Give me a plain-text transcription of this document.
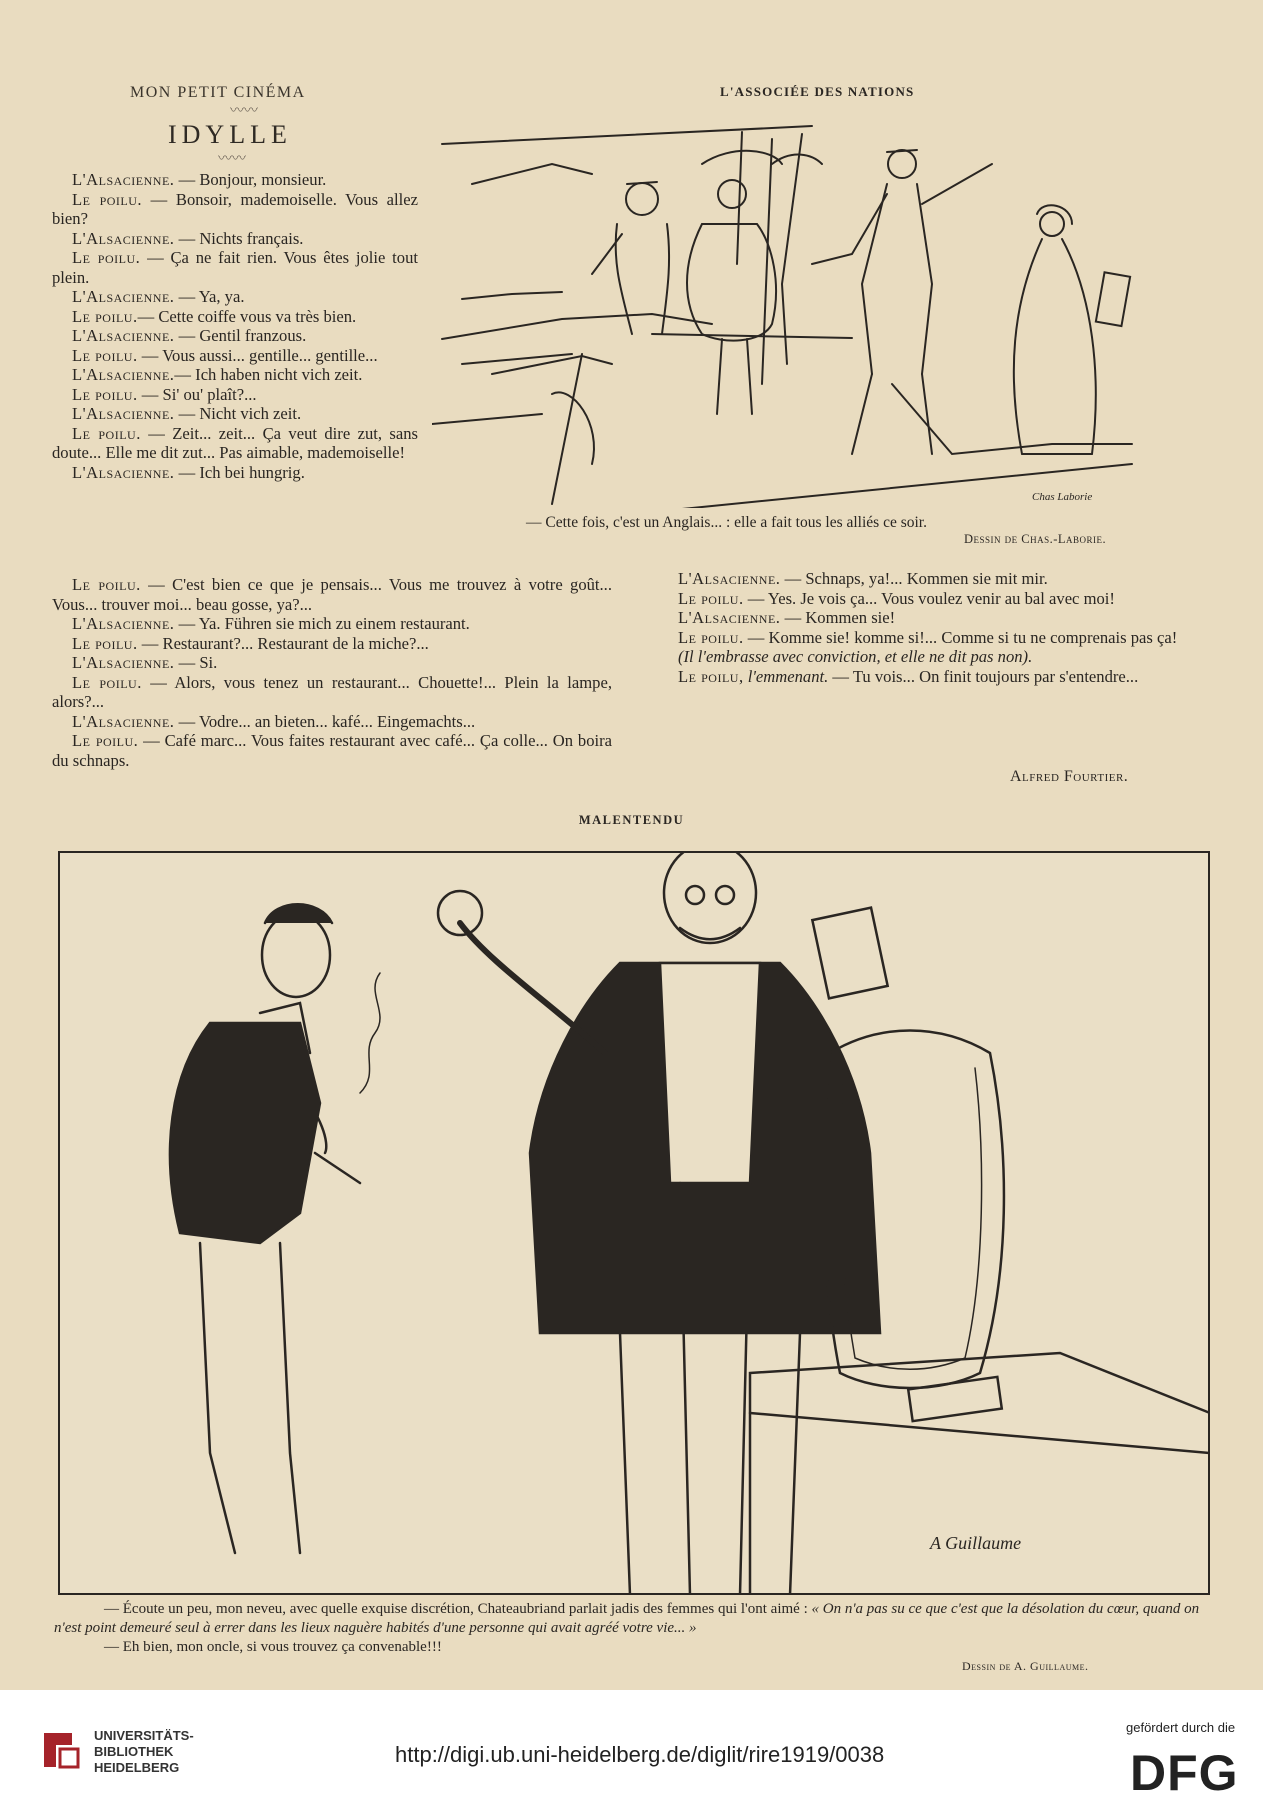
MON PETIT CINÉMA	L'ASSOCIÉE DES NATIONS
〰〰
IDYLLE
〰〰

L'Alsacienne. — Bonjour, monsieur.

Le poilu. — Bonsoir, mademoiselle. Vous allez bien?

L'Alsacienne. — Nichts français.

Le poilu. — Ça ne fait rien. Vous êtes jolie tout plein.

L'Alsacienne. — Ya, ya.

Le poilu.— Cette coiffe vous va très bien.

L'Alsacienne. — Gentil franzous.

Le poilu. — Vous aussi... gentille... gentille...

L'Alsacienne.— Ich haben nicht vich zeit.

Le poilu. — Si' ou' plaît?...

L'Alsacienne. — Nicht vich zeit.

Le poilu. — Zeit... zeit... Ça veut dire zut, sans doute... Elle me dit zut... Pas aimable, mademoiselle!

L'Alsacienne. — Ich bei hungrig.

Le poilu. — C'est bien ce que je pensais... Vous me trouvez à votre goût... Vous... trouver moi... beau gosse, ya?...

L'Alsacienne. — Ya. Führen sie mich zu einem restaurant.

Le poilu. — Restaurant?... Restaurant de la miche?...

L'Alsacienne. — Si.

Le poilu. — Alors, vous tenez un restaurant... Chouette!... Plein la lampe, alors?...

L'Alsacienne. — Vodre... an bieten... kafé... Eingemachts...

Le poilu. — Café marc... Vous faites restaurant avec café... Ça colle... On boira du schnaps.

L'Alsacienne. — Schnaps, ya!... Kommen sie mit mir.

Le poilu. — Yes. Je vois ça... Vous voulez venir au bal avec moi!

L'Alsacienne. — Kommen sie!

Le poilu. — Komme sie! komme si!... Comme si tu ne comprenais pas ça!

(Il l'embrasse avec conviction, et elle ne dit pas non).

Le poilu, l'emmenant. — Tu vois... On finit toujours par s'entendre...

Alfred Fourtier.
Chas Laborie
— Cette fois, c'est un Anglais... : elle a fait tous les alliés ce soir.
Dessin de Chas.-Laborie.
MALENTENDU
A Guillaume

— Écoute un peu, mon neveu, avec quelle exquise discrétion, Chateaubriand parlait jadis des femmes qui l'ont aimé : « On n'a pas su ce que c'est que la désolation du cœur, quand on n'est point demeuré seul à errer dans les lieux naguère habités d'une personne qui avait agréé votre vie... »

— Eh bien, mon oncle, si vous trouvez ça convenable!!!

Dessin de A. Guillaume.
UNIVERSITÄTS-
BIBLIOTHEK
HEIDELBERG
http://digi.ub.uni-heidelberg.de/diglit/rire1919/0038
gefördert durch die
DFG
